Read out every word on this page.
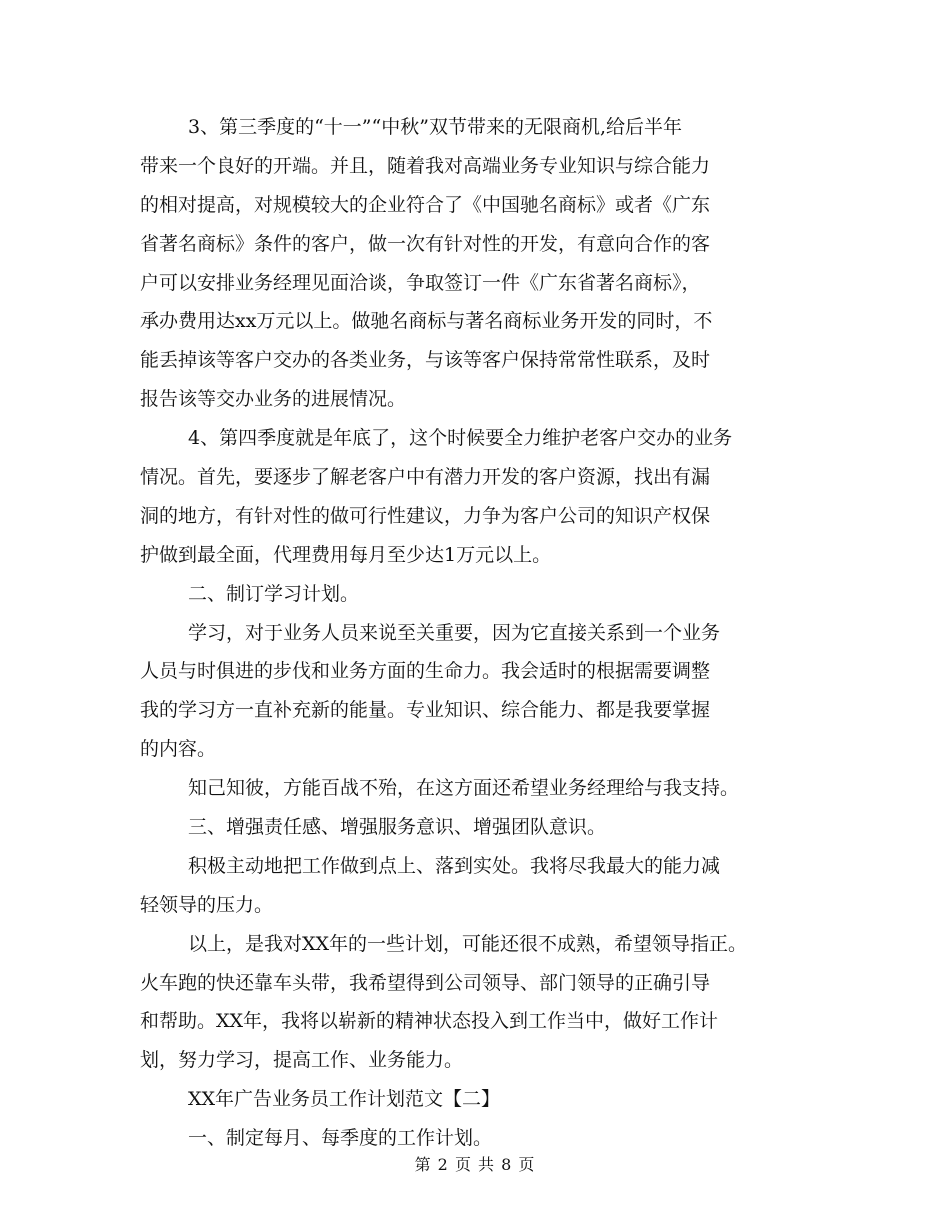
3、第三季度的“十一”“中秋”双节带来的无限商机,给后半年
带来一个良好的开端。并且，随着我对高端业务专业知识与综合能力
的相对提高，对规模较大的企业符合了《中国驰名商标》或者《广东
省著名商标》条件的客户，做一次有针对性的开发，有意向合作的客
户可以安排业务经理见面洽谈，争取签订一件《广东省著名商标》，
承办费用达xx万元以上。做驰名商标与著名商标业务开发的同时，不
能丢掉该等客户交办的各类业务，与该等客户保持常常性联系，及时
报告该等交办业务的进展情况。
4、第四季度就是年底了，这个时候要全力维护老客户交办的业务
情况。首先，要逐步了解老客户中有潜力开发的客户资源，找出有漏
洞的地方，有针对性的做可行性建议，力争为客户公司的知识产权保
护做到最全面，代理费用每月至少达1万元以上。
二、制订学习计划。
学习，对于业务人员来说至关重要，因为它直接关系到一个业务
人员与时俱进的步伐和业务方面的生命力。我会适时的根据需要调整
我的学习方一直补充新的能量。专业知识、综合能力、都是我要掌握
的内容。
知己知彼，方能百战不殆，在这方面还希望业务经理给与我支持。
三、增强责任感、增强服务意识、增强团队意识。
积极主动地把工作做到点上、落到实处。我将尽我最大的能力减
轻领导的压力。
以上，是我对XX年的一些计划，可能还很不成熟，希望领导指正。
火车跑的快还靠车头带，我希望得到公司领导、部门领导的正确引导
和帮助。XX年，我将以崭新的精神状态投入到工作当中，做好工作计
划，努力学习，提高工作、业务能力。
XX年广告业务员工作计划范文【二】
一、制定每月、每季度的工作计划。
第 2 页 共 8 页
